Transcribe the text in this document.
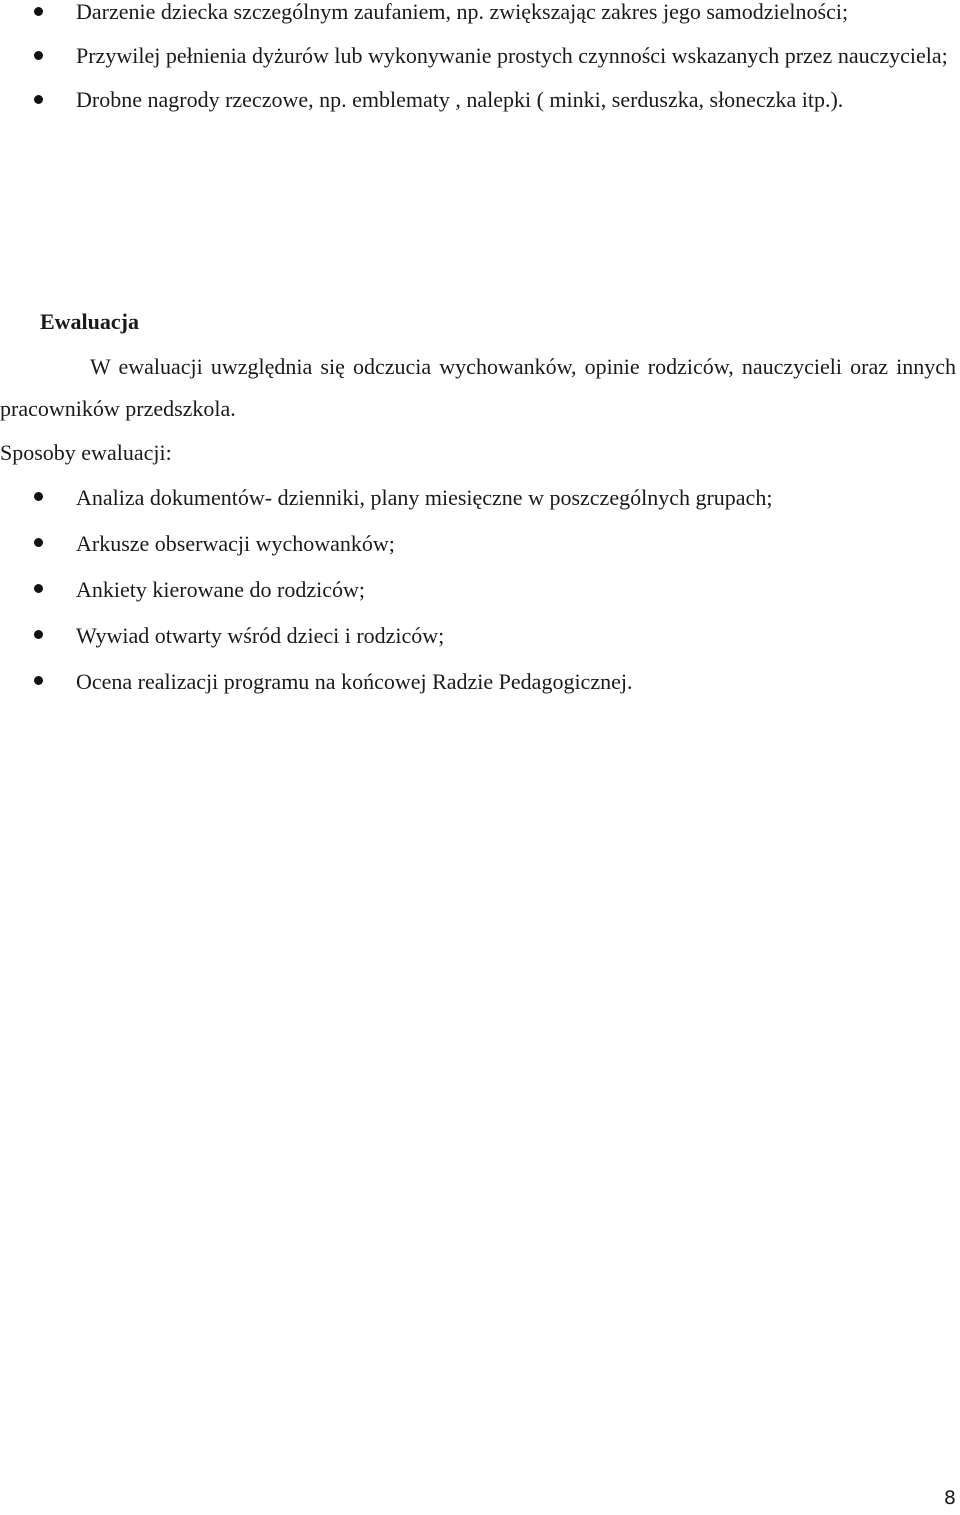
Darzenie dziecka szczególnym zaufaniem, np. zwiększając zakres jego samodzielności;
Przywilej pełnienia dyżurów lub wykonywanie prostych czynności wskazanych przez nauczyciela;
Drobne nagrody rzeczowe, np. emblematy , nalepki ( minki, serduszka, słoneczka itp.).
Ewaluacja
W ewaluacji uwzględnia się odczucia wychowanków, opinie rodziców, nauczycieli oraz innych pracowników przedszkola.
Sposoby ewaluacji:
Analiza dokumentów- dzienniki, plany miesięczne w poszczególnych grupach;
Arkusze obserwacji wychowanków;
Ankiety kierowane do rodziców;
Wywiad otwarty wśród dzieci i rodziców;
Ocena realizacji programu na końcowej Radzie Pedagogicznej.
8
